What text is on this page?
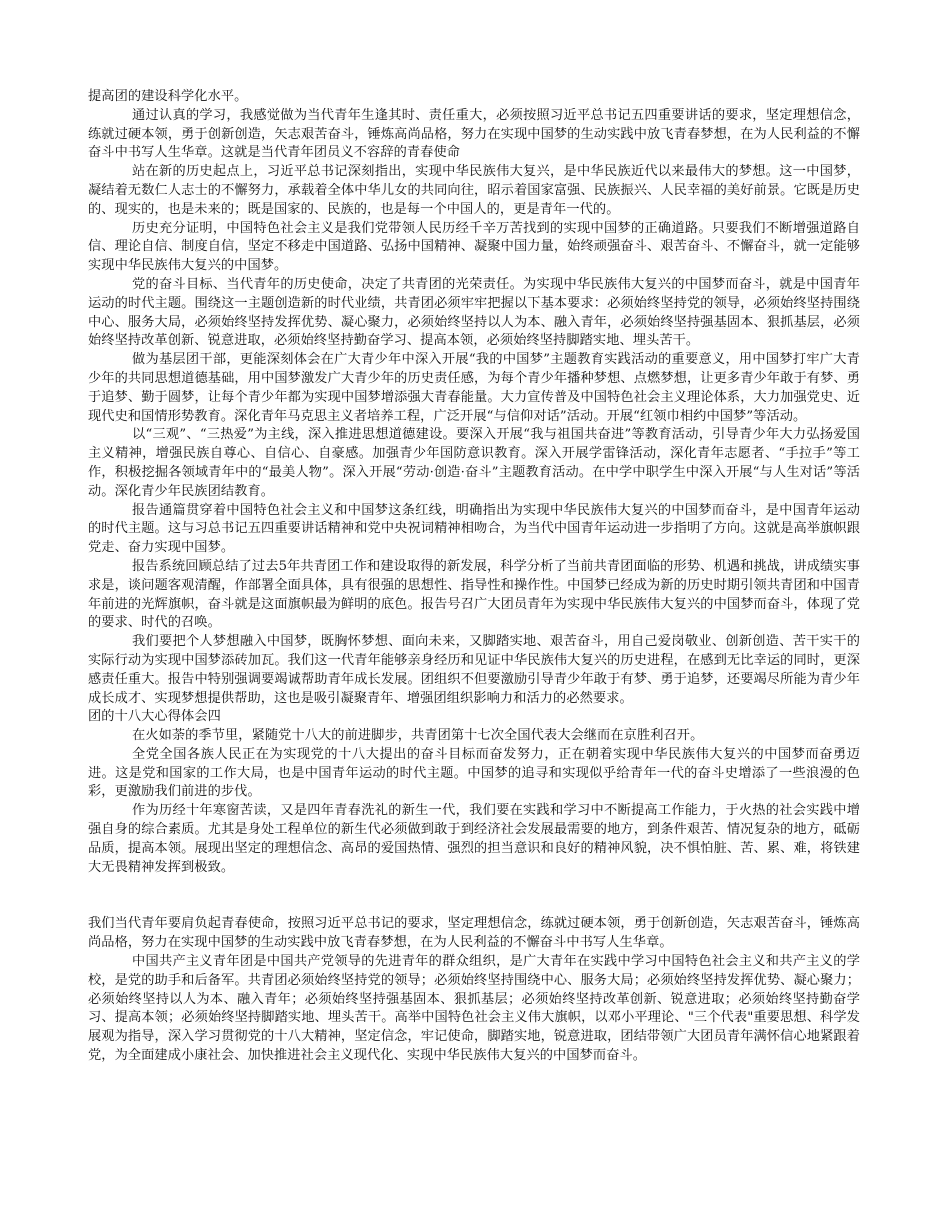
提高团的建设科学化水平。

通过认真的学习，我感觉做为当代青年生逢其时、责任重大，必须按照习近平总书记五四重要讲话的要求，坚定理想信念，练就过硬本领，勇于创新创造，矢志艰苦奋斗，锤炼高尚品格，努力在实现中国梦的生动实践中放飞青春梦想，在为人民利益的不懈奋斗中书写人生华章。这就是当代青年团员义不容辞的青春使命

站在新的历史起点上，习近平总书记深刻指出，实现中华民族伟大复兴，是中华民族近代以来最伟大的梦想。这一中国梦，凝结着无数仁人志士的不懈努力，承载着全体中华儿女的共同向往，昭示着国家富强、民族振兴、人民幸福的美好前景。它既是历史的、现实的，也是未来的；既是国家的、民族的，也是每一个中国人的，更是青年一代的。

历史充分证明，中国特色社会主义是我们党带领人民历经千辛万苦找到的实现中国梦的正确道路。只要我们不断增强道路自信、理论自信、制度自信，坚定不移走中国道路、弘扬中国精神、凝聚中国力量，始终顽强奋斗、艰苦奋斗、不懈奋斗，就一定能够实现中华民族伟大复兴的中国梦。

党的奋斗目标、当代青年的历史使命，决定了共青团的光荣责任。为实现中华民族伟大复兴的中国梦而奋斗，就是中国青年运动的时代主题。围绕这一主题创造新的时代业绩，共青团必须牢牢把握以下基本要求：必须始终坚持党的领导，必须始终坚持围绕中心、服务大局，必须始终坚持发挥优势、凝心聚力，必须始终坚持以人为本、融入青年，必须始终坚持强基固本、狠抓基层，必须始终坚持改革创新、锐意进取，必须始终坚持勤奋学习、提高本领，必须始终坚持脚踏实地、埋头苦干。

做为基层团干部，更能深刻体会在广大青少年中深入开展“我的中国梦”主题教育实践活动的重要意义，用中国梦打牢广大青少年的共同思想道德基础，用中国梦激发广大青少年的历史责任感，为每个青少年播种梦想、点燃梦想，让更多青少年敢于有梦、勇于追梦、勤于圆梦，让每个青少年都为实现中国梦增添强大青春能量。大力宣传普及中国特色社会主义理论体系，大力加强党史、近现代史和国情形势教育。深化青年马克思主义者培养工程，广泛开展“与信仰对话”活动。开展“红领巾相约中国梦”等活动。

以“三观”、“三热爱”为主线，深入推进思想道德建设。要深入开展“我与祖国共奋进”等教育活动，引导青少年大力弘扬爱国主义精神，增强民族自尊心、自信心、自豪感。加强青少年国防意识教育。深入开展学雷锋活动，深化青年志愿者、“手拉手”等工作，积极挖掘各领域青年中的“最美人物”。深入开展“劳动·创造·奋斗”主题教育活动。在中学中职学生中深入开展“与人生对话”等活动。深化青少年民族团结教育。

报告通篇贯穿着中国特色社会主义和中国梦这条红线，明确指出为实现中华民族伟大复兴的中国梦而奋斗，是中国青年运动的时代主题。这与习总书记五四重要讲话精神和党中央祝词精神相吻合，为当代中国青年运动进一步指明了方向。这就是高举旗帜跟党走、奋力实现中国梦。

报告系统回顾总结了过去5年共青团工作和建设取得的新发展，科学分析了当前共青团面临的形势、机遇和挑战，讲成绩实事求是，谈问题客观清醒，作部署全面具体，具有很强的思想性、指导性和操作性。中国梦已经成为新的历史时期引领共青团和中国青年前进的光辉旗帜，奋斗就是这面旗帜最为鲜明的底色。报告号召广大团员青年为实现中华民族伟大复兴的中国梦而奋斗，体现了党的要求、时代的召唤。

我们要把个人梦想融入中国梦，既胸怀梦想、面向未来，又脚踏实地、艰苦奋斗，用自己爱岗敬业、创新创造、苦干实干的实际行动为实现中国梦添砖加瓦。我们这一代青年能够亲身经历和见证中华民族伟大复兴的历史进程，在感到无比幸运的同时，更深感责任重大。报告中特别强调要竭诚帮助青年成长发展。团组织不但要激励引导青少年敢于有梦、勇于追梦，还要竭尽所能为青少年成长成才、实现梦想提供帮助，这也是吸引凝聚青年、增强团组织影响力和活力的必然要求。

团的十八大心得体会四

在火如荼的季节里，紧随党十八大的前进脚步，共青团第十七次全国代表大会继而在京胜利召开。

全党全国各族人民正在为实现党的十八大提出的奋斗目标而奋发努力，正在朝着实现中华民族伟大复兴的中国梦而奋勇迈进。这是党和国家的工作大局，也是中国青年运动的时代主题。中国梦的追寻和实现似乎给青年一代的奋斗史增添了一些浪漫的色彩，更激励我们前进的步伐。

作为历经十年寒窗苦读，又是四年青春洗礼的新生一代，我们要在实践和学习中不断提高工作能力，于火热的社会实践中增强自身的综合素质。尤其是身处工程单位的新生代必须做到敢于到经济社会发展最需要的地方，到条件艰苦、情况复杂的地方，砥砺品质，提高本领。展现出坚定的理想信念、高昂的爱国热情、强烈的担当意识和良好的精神风貌，决不惧怕脏、苦、累、难，将铁建大无畏精神发挥到极致。

我们当代青年要肩负起青春使命，按照习近平总书记的要求，坚定理想信念，练就过硬本领，勇于创新创造，矢志艰苦奋斗，锤炼高尚品格，努力在实现中国梦的生动实践中放飞青春梦想，在为人民利益的不懈奋斗中书写人生华章。

中国共产主义青年团是中国共产党领导的先进青年的群众组织，是广大青年在实践中学习中国特色社会主义和共产主义的学校，是党的助手和后备军。共青团必须始终坚持党的领导；必须始终坚持围绕中心、服务大局；必须始终坚持发挥优势、凝心聚力；必须始终坚持以人为本、融入青年；必须始终坚持强基固本、狠抓基层；必须始终坚持改革创新、锐意进取；必须始终坚持勤奋学习、提高本领；必须始终坚持脚踏实地、埋头苦干。高举中国特色社会主义伟大旗帜，以邓小平理论、"三个代表"重要思想、科学发展观为指导，深入学习贯彻党的十八大精神，坚定信念，牢记使命，脚踏实地，锐意进取，团结带领广大团员青年满怀信心地紧跟着党，为全面建成小康社会、加快推进社会主义现代化、实现中华民族伟大复兴的中国梦而奋斗。
